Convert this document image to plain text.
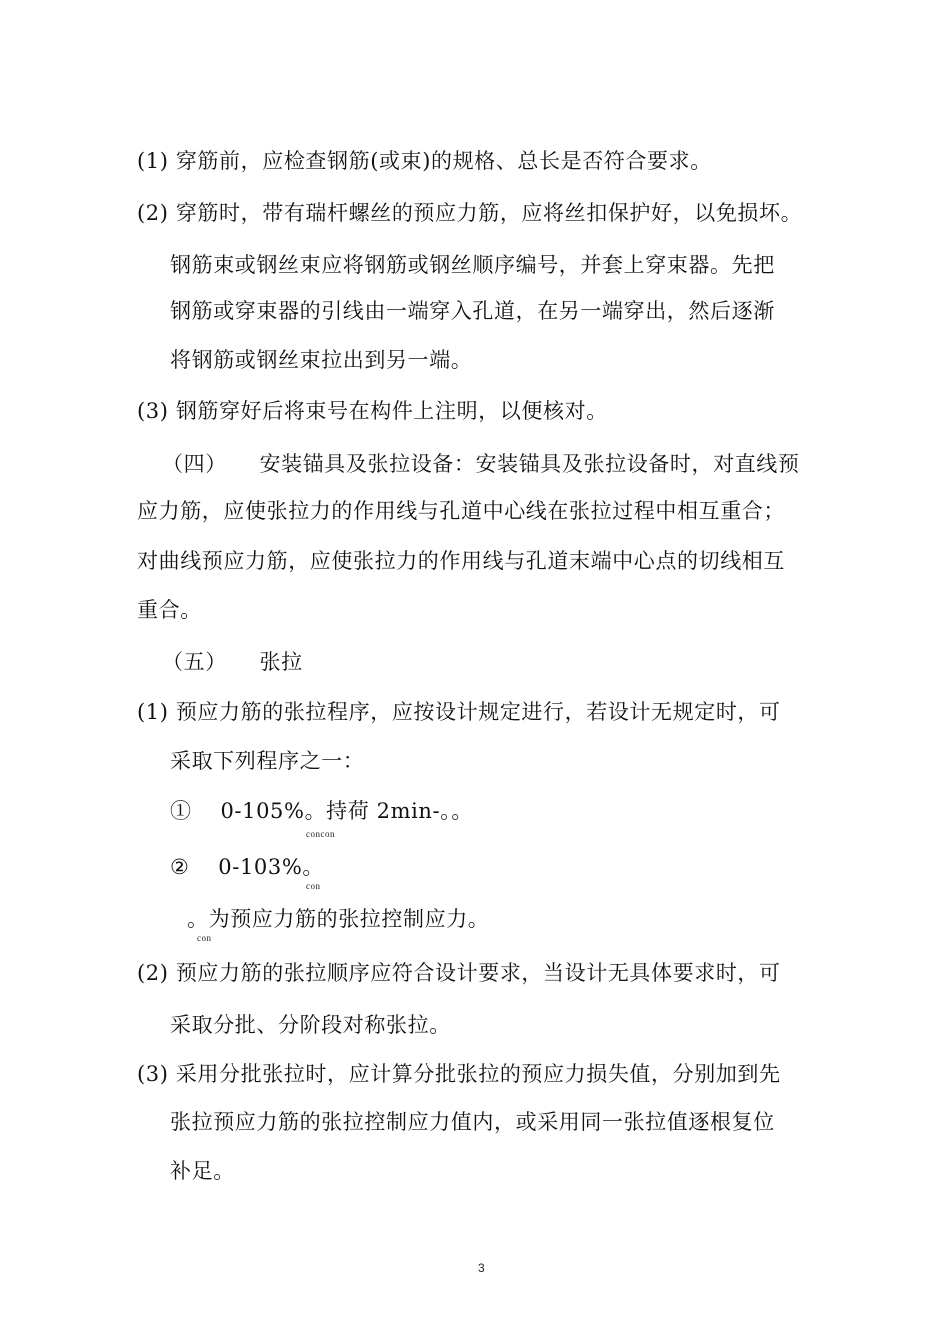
(1) 穿筋前，应检查钢筋(或束)的规格、总长是否符合要求。
(2) 穿筋时，带有瑞杆螺丝的预应力筋，应将丝扣保护好，以免损坏。
钢筋束或钢丝束应将钢筋或钢丝顺序编号，并套上穿束器。先把
钢筋或穿束器的引线由一端穿入孔道，在另一端穿出，然后逐渐
将钢筋或钢丝束拉出到另一端。
(3) 钢筋穿好后将束号在构件上注明，以便核对。
（四）　　安装锚具及张拉设备：安装锚具及张拉设备时，对直线预
应力筋，应使张拉力的作用线与孔道中心线在张拉过程中相互重合；
对曲线预应力筋，应使张拉力的作用线与孔道末端中心点的切线相互
重合。
（五）　　张拉
(1) 预应力筋的张拉程序，应按设计规定进行，若设计无规定时，可
采取下列程序之一：
①　 0-105%。持荷 2min-。。
concon
②　 0-103%。
con
。为预应力筋的张拉控制应力。
con
(2) 预应力筋的张拉顺序应符合设计要求，当设计无具体要求时，可
采取分批、分阶段对称张拉。
(3) 采用分批张拉时，应计算分批张拉的预应力损失值，分别加到先
张拉预应力筋的张拉控制应力值内，或采用同一张拉值逐根复位
补足。
3
